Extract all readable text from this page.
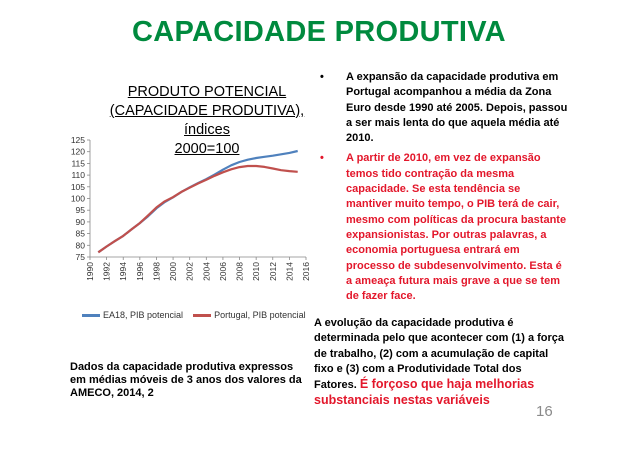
CAPACIDADE PRODUTIVA
PRODUTO POTENCIAL
(CAPACIDADE PRODUTIVA), índices
2000=100
75
80
85
90
95
100
105
110
115
120
125
1990 1992 1994 1996 1998 2000 2002 2004 2006 2008 2010 2012 2014 2016
EA18, PIB potencial	Portugal, PIB potencial
Dados da capacidade produtiva expressos em médias móveis de 3 anos dos valores da AMECO, 2014, 2
• A expansão da capacidade produtiva em Portugal acompanhou a média da Zona Euro desde 1990 até 2005. Depois, passou a ser mais lenta do que aquela média até 2010.
• A partir de 2010, em vez de expansão temos tido contração da mesma capacidade. Se esta tendência se mantiver muito tempo, o PIB terá de cair, mesmo com políticas da procura bastante expansionistas. Por outras palavras, a economia portuguesa entrará em processo de subdesenvolvimento. Esta é a ameaça futura mais grave a que se tem de fazer face.
A evolução da capacidade produtiva é determinada pelo que acontecer com (1) a força de trabalho, (2) com a acumulação de capital fixo e (3) com a Produtividade Total dos Fatores. É forçoso que haja melhorias substanciais nestas variáveis
16
